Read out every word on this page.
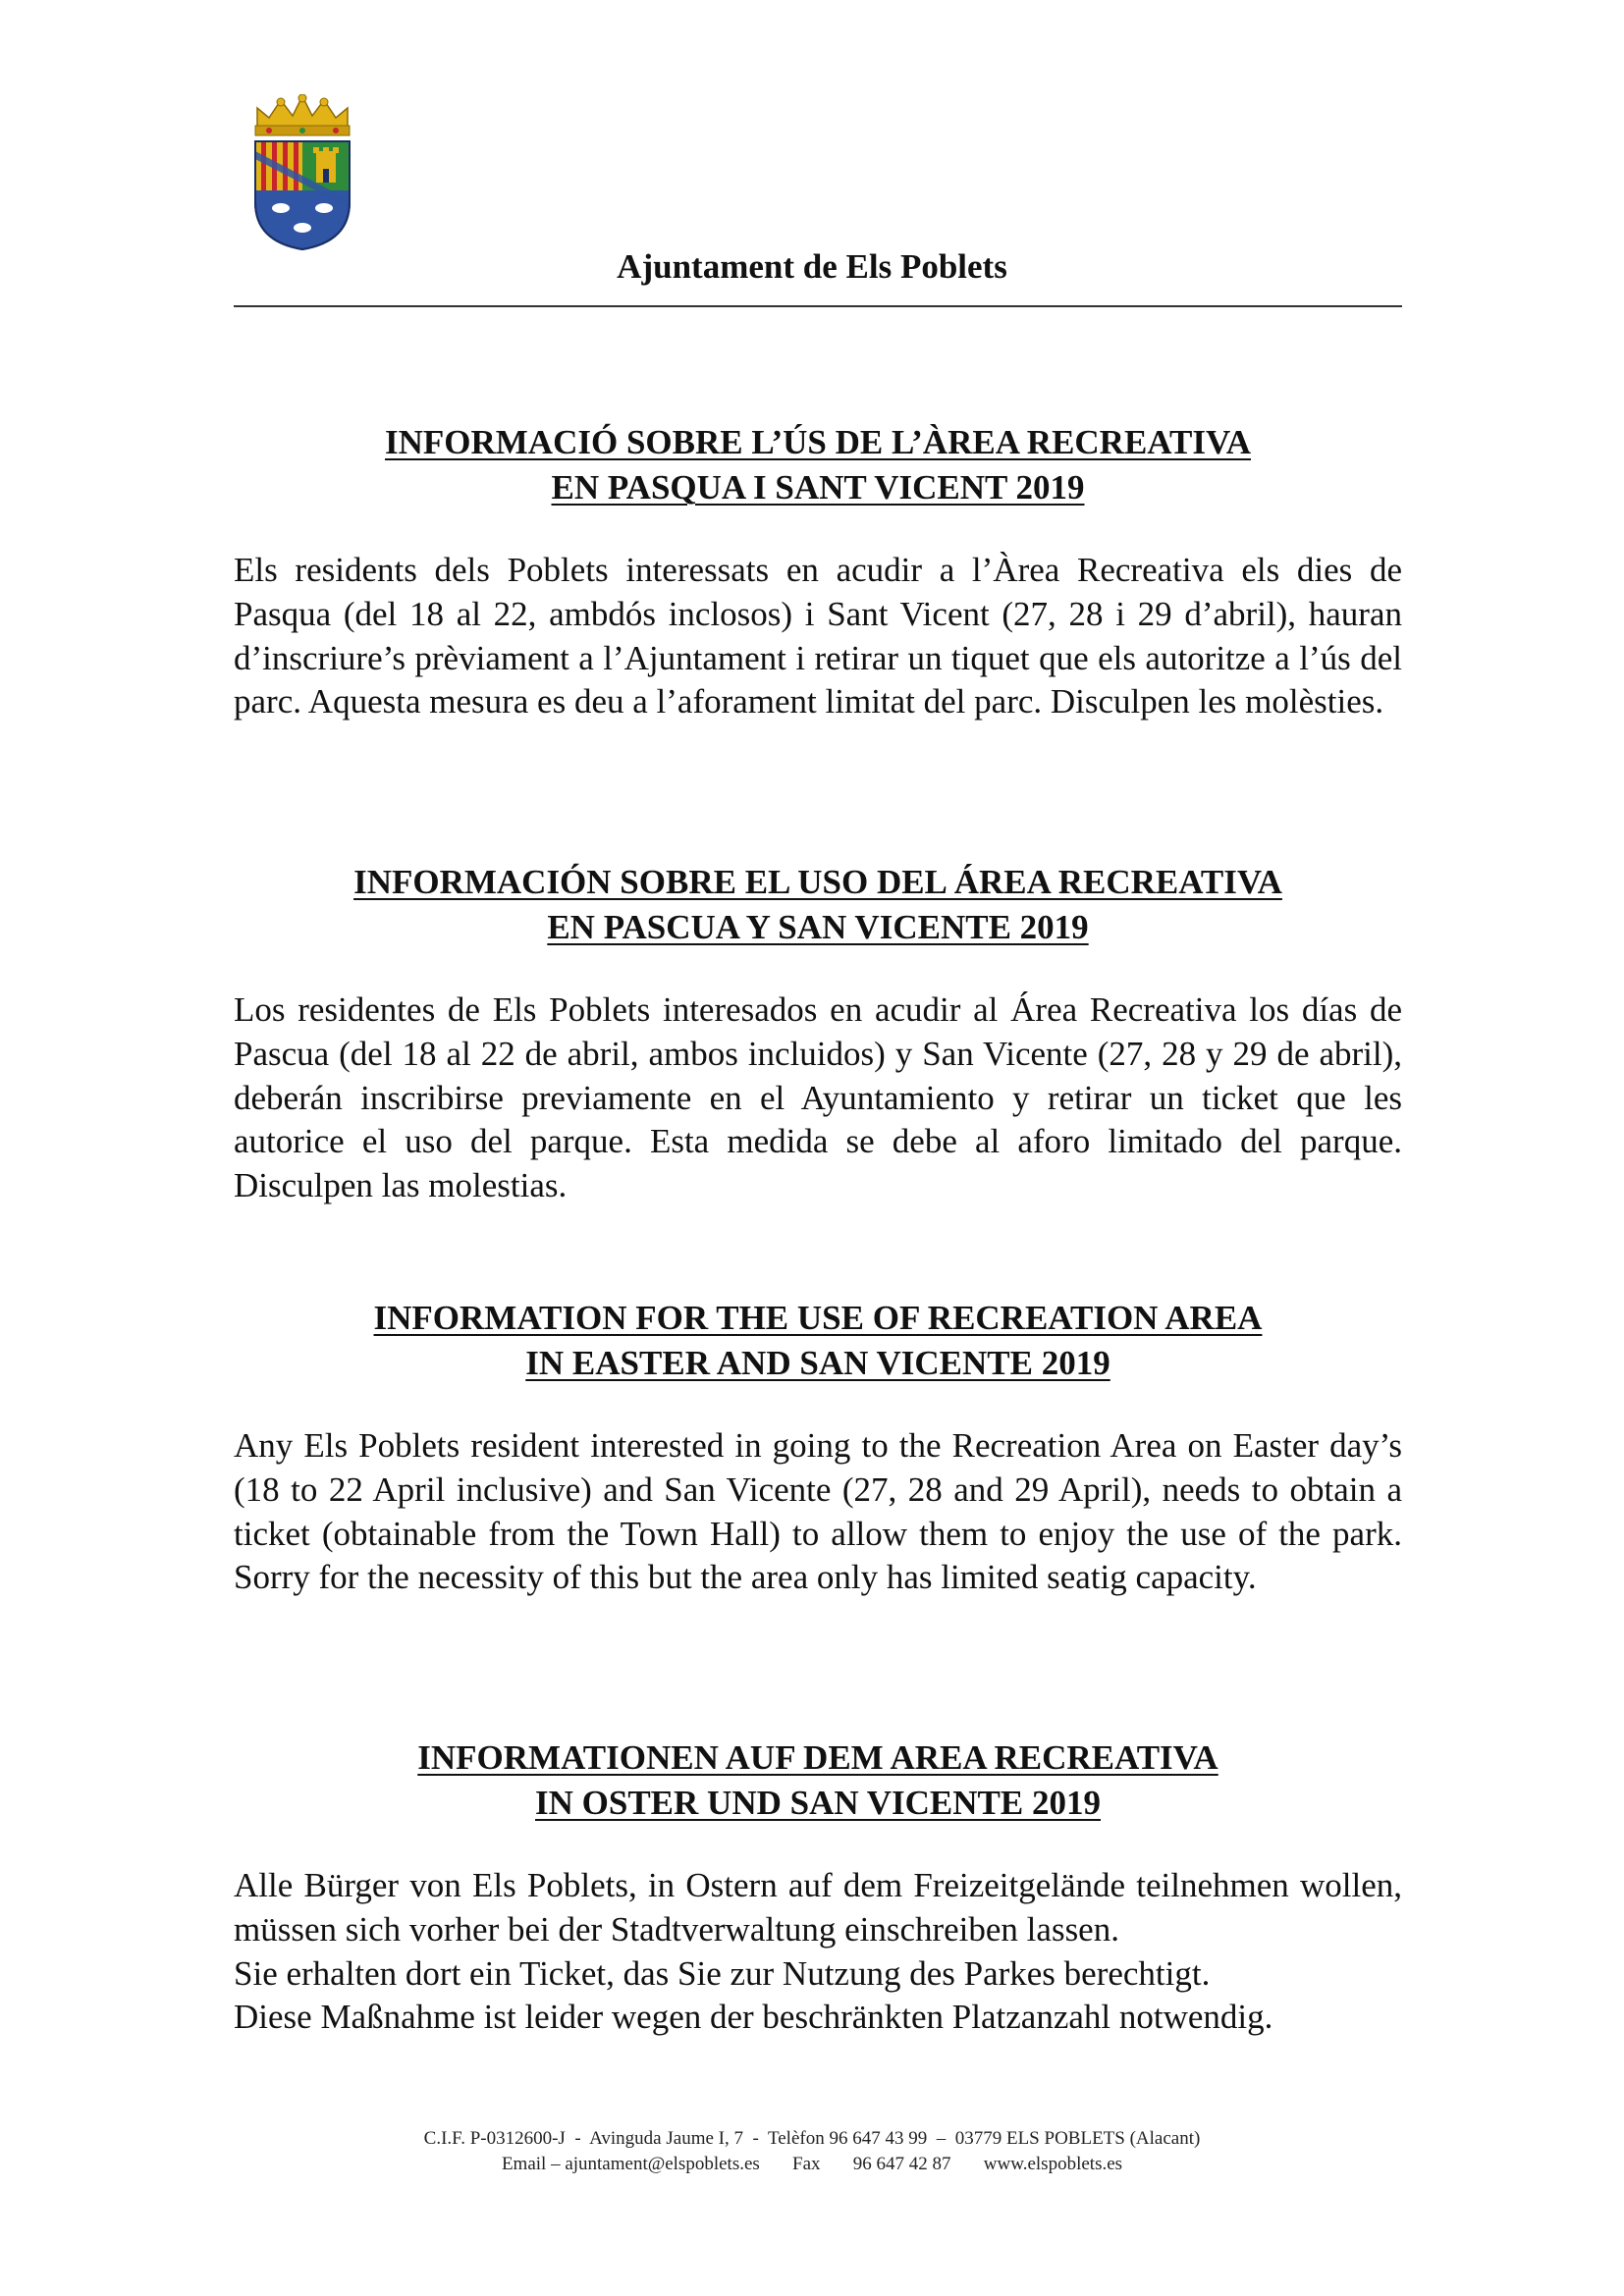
Ajuntament de Els Poblets

INFORMACIÓ SOBRE L’ÚS DE L’ÀREA RECREATIVA
EN PASQUA I SANT VICENT 2019

Els residents dels Poblets interessats en acudir a l’Àrea Recreativa els dies de Pasqua (del 18 al 22, ambdós inclosos) i Sant Vicent (27, 28 i 29 d’abril), hauran d’inscriure’s prèviament a l’Ajuntament i retirar un tiquet que els autoritze a l’ús del parc. Aquesta mesura es deu a l’aforament limitat del parc. Disculpen les molèsties.

INFORMACIÓN SOBRE EL USO DEL ÁREA RECREATIVA
EN PASCUA Y SAN VICENTE 2019

Los residentes de Els Poblets interesados en acudir al Área Recreativa los días de Pascua (del 18 al 22 de abril, ambos incluidos) y San Vicente (27, 28 y 29 de abril), deberán inscribirse previamente en el Ayuntamiento y retirar un ticket que les autorice el uso del parque. Esta medida se debe al aforo limitado del parque. Disculpen las molestias.

INFORMATION FOR THE USE OF RECREATION AREA
IN EASTER AND SAN VICENTE 2019

Any Els Poblets resident interested in going to the Recreation Area on Easter day’s (18 to 22 April inclusive) and San Vicente (27, 28 and 29 April), needs to obtain a ticket (obtainable from the Town Hall) to allow them to enjoy the use of the park. Sorry for the necessity of this but the area only has limited seatig capacity.

INFORMATIONEN AUF DEM AREA RECREATIVA
IN OSTER UND SAN VICENTE 2019

Alle Bürger von Els Poblets, in Ostern auf dem Freizeitgelände teilnehmen wollen, müssen sich vorher bei der Stadtverwaltung einschreiben lassen.

Sie erhalten dort ein Ticket, das Sie zur Nutzung des Parkes berechtigt.

Diese Maßnahme ist leider wegen der beschränkten Platzanzahl notwendig.

C.I.F. P-0312600-J  -  Avinguda Jaume I, 7  -  Telèfon 96 647 43 99  –  03779 ELS POBLETS (Alacant)
Email – ajuntament@elspoblets.es       Fax       96 647 42 87       www.elspoblets.es
